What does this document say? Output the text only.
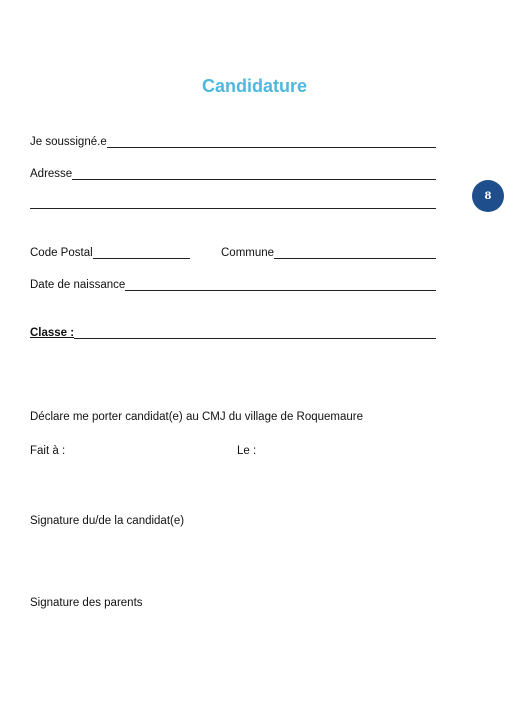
Candidature
Je soussigné.e
Adresse
8
Code Postal	Commune
Date de naissance
Classe :
Déclare me porter candidat(e) au CMJ du village de Roquemaure
Fait à :	Le :
Signature du/de la candidat(e)
Signature des parents
